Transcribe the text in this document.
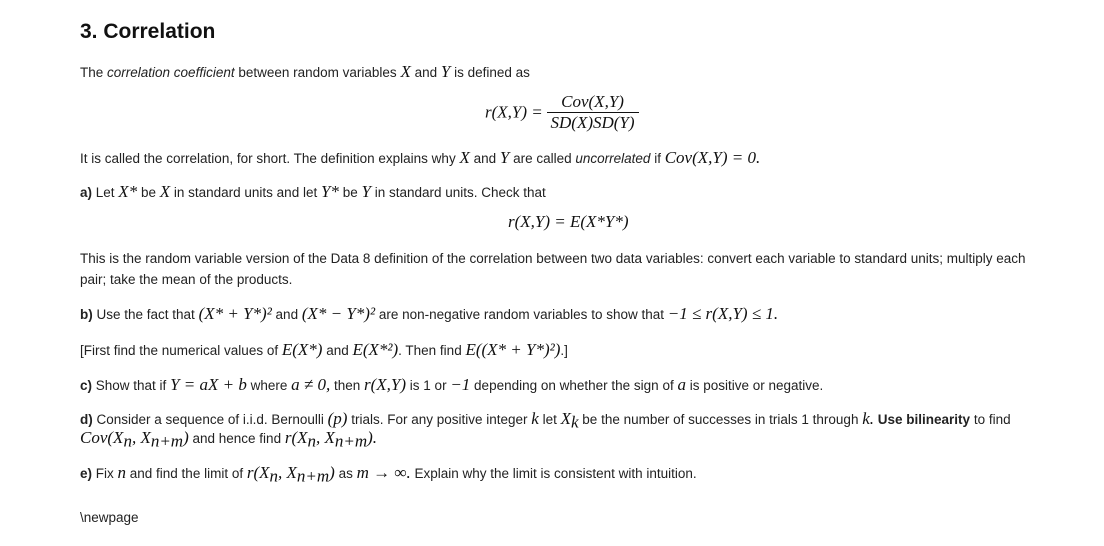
3. Correlation
The correlation coefficient between random variables X and Y is defined as
$r(X,Y) = \frac{\text{Cov(X,Y)}}{SD(X)SD(Y)}$
It is called the correlation, for short. The definition explains why X and Y are called uncorrelated if Cov(X,Y) = 0.
a) Let X* be X in standard units and let Y* be Y in standard units. Check that
r(X,Y) = E(X*Y*)
This is the random variable version of the Data 8 definition of the correlation between two data variables: convert each variable to standard units; multiply each
pair; take the mean of the products.
b) Use the fact that (X* + Y*)² and (X* − Y*)² are non-negative random variables to show that −1 ≤ r(X,Y) ≤ 1.
[First find the numerical values of E(X*) and E(X*²). Then find E((X* + Y*)²).]
c) Show that if Y = aX + b where a ≠ 0, then r(X,Y) is 1 or −1 depending on whether the sign of a is positive or negative.
d) Consider a sequence of i.i.d. Bernoulli (p) trials. For any positive integer k let $X_k$ be the number of successes in trials 1 through k. Use bilinearity to find
$Cov(X_n$, $X_{n+m}$) and hence find $r(X_n$, $X_{n+m}$).
e) Fix n and find the limit of $r(X_n$, $X_{n+m}$) as m → ∞. Explain why the limit is consistent with intuition.
\newpage
